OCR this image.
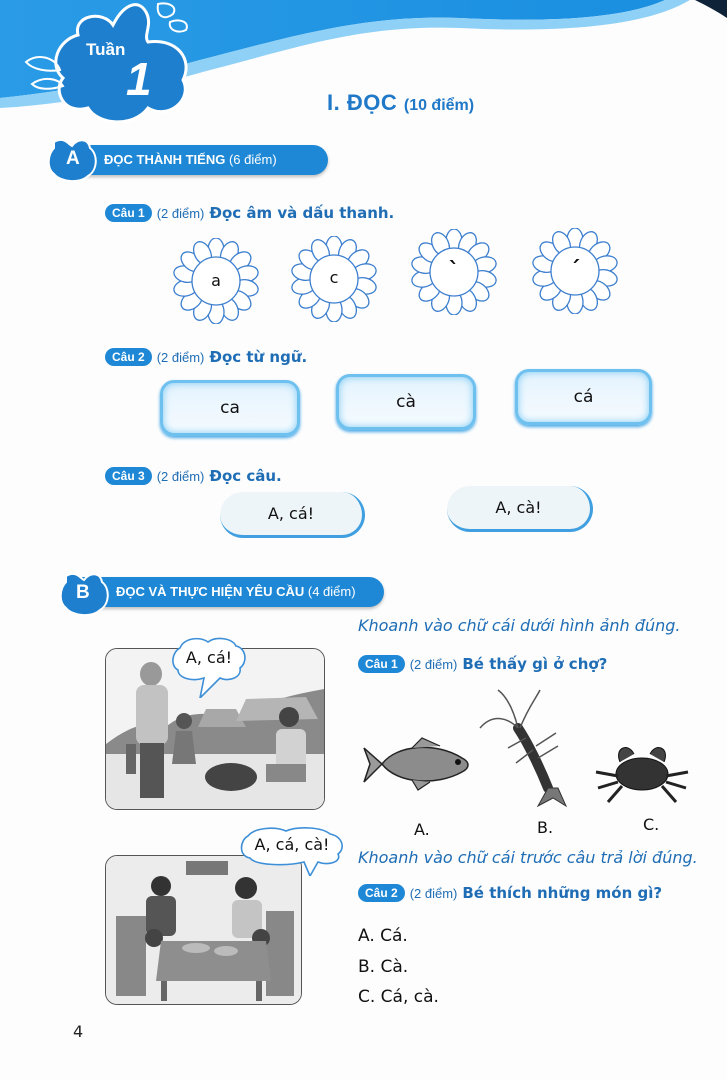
Tuần
1	I. ĐỌC (10 điểm)
ĐỌC THÀNH TIẾNG (6 điểm)
A
Câu 1 (2 điểm) Đọc âm và dấu thanh.
a	c	`	ˊ
Câu 2 (2 điểm) Đọc từ ngữ.
ca	cà	cá
Câu 3 (2 điểm) Đọc câu.
A, cá!	A, cà!
ĐỌC VÀ THỰC HIỆN YÊU CẦU (4 điểm)
B
A, cá!
A, cá, cà!
Khoanh vào chữ cái dưới hình ảnh đúng.
Câu 1 (2 điểm) Bé thấy gì ở chợ?
A.	B.	C.
Khoanh vào chữ cái trước câu trả lời đúng.
Câu 2 (2 điểm) Bé thích những món gì?
A. Cá.
B. Cà.
C. Cá, cà.
4
